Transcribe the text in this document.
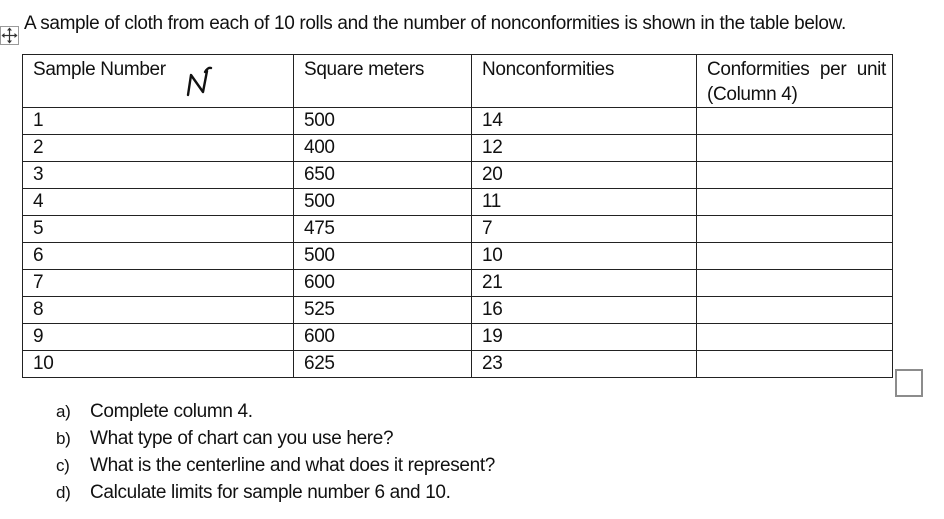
A sample of cloth from each of 10 rolls and the number of nonconformities is shown in the table below.
Sample Number	Square meters	Nonconformities	Conformities per unit
(Column 4)

1	500	14	
2	400	12	
3	650	20	
4	500	11	
5	475	7	
6	500	10	
7	600	21	
8	525	16	
9	600	19	
10	625	23	
a) Complete column 4.
b) What type of chart can you use here?
c) What is the centerline and what does it represent?
d) Calculate limits for sample number 6 and 10.
